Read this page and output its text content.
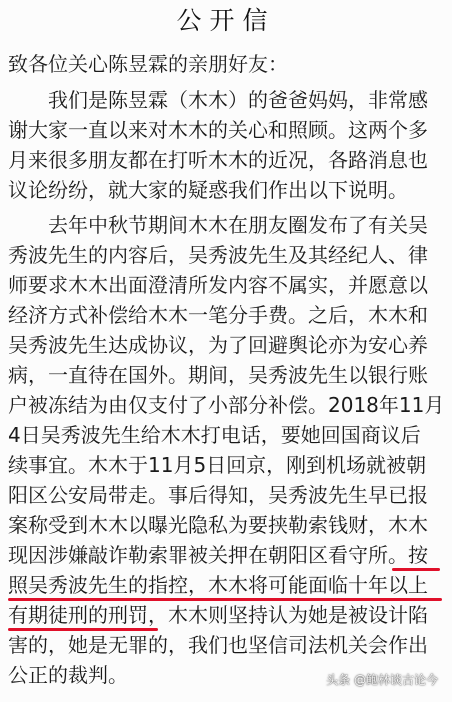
公开信
致各位关心陈昱霖的亲朋好友：
　　我们是陈昱霖（木木）的爸爸妈妈，非常感
谢大家一直以来对木木的关心和照顾。这两个多
月来很多朋友都在打听木木的近况，各路消息也
议论纷纷，就大家的疑惑我们作出以下说明。
　　去年中秋节期间木木在朋友圈发布了有关吴
秀波先生的内容后，吴秀波先生及其经纪人、律
师要求木木出面澄清所发内容不属实，并愿意以
经济方式补偿给木木一笔分手费。之后，木木和
吴秀波先生达成协议，为了回避舆论亦为安心养
病，一直待在国外。期间，吴秀波先生以银行账
户被冻结为由仅支付了小部分补偿。2018年11月
4日吴秀波先生给木木打电话，要她回国商议后
续事宜。木木于11月5日回京，刚到机场就被朝
阳区公安局带走。事后得知，吴秀波先生早已报
案称受到木木以曝光隐私为要挟勒索钱财，木木
现因涉嫌敲诈勒索罪被关押在朝阳区看守所。按
照吴秀波先生的指控，木木将可能面临十年以上
有期徒刑的刑罚，木木则坚持认为她是被设计陷
害的，她是无罪的，我们也坚信司法机关会作出
公正的裁判。	头条 @鲍林谈古论今
